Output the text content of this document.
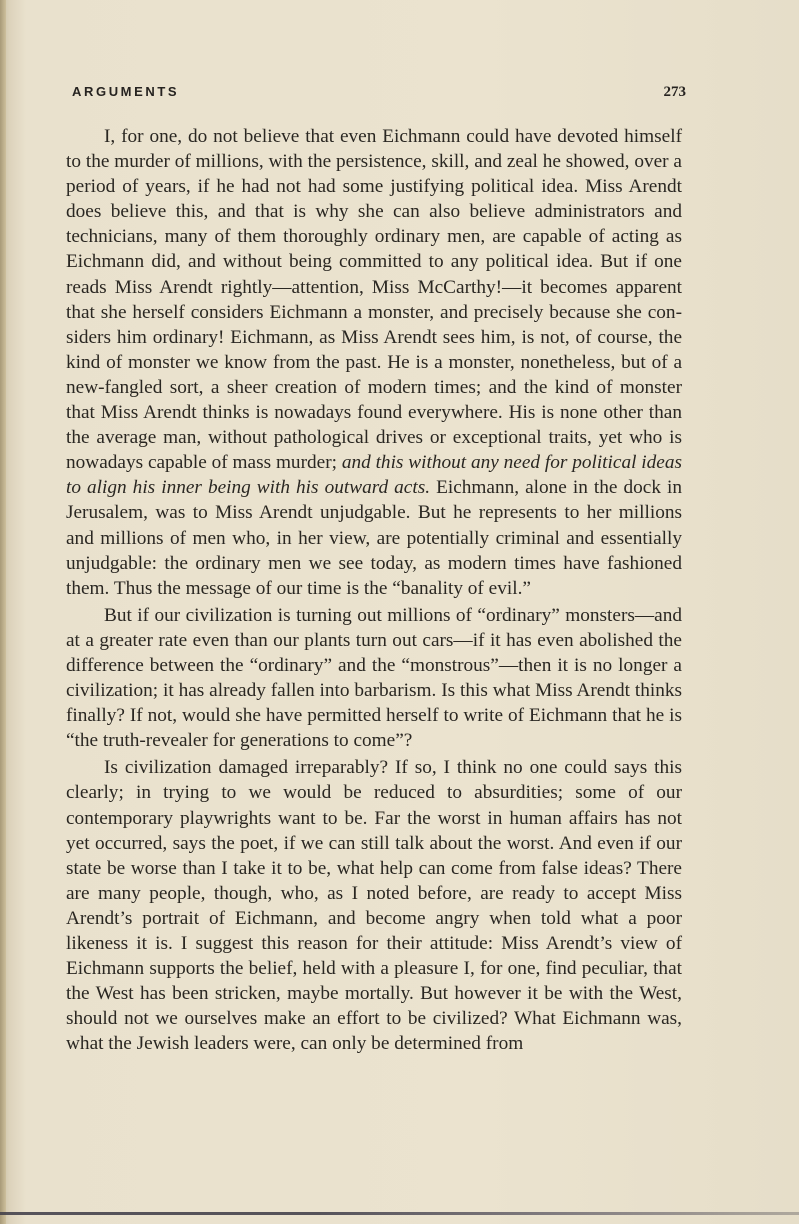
ARGUMENTS	273

I, for one, do not believe that even Eichmann could have devoted himself to the murder of millions, with the persistence, skill, and zeal he showed, over a period of years, if he had not had some justifying political idea. Miss Arendt does believe this, and that is why she can also believe administrators and technicians, many of them thoroughly ordinary men, are capable of acting as Eichmann did, and without being committed to any political idea. But if one reads Miss Arendt rightly—attention, Miss McCarthy!—it becomes apparent that she herself considers Eichmann a monster, and precisely because she considers him ordinary! Eichmann, as Miss Arendt sees him, is not, of course, the kind of monster we know from the past. He is a monster, nonetheless, but of a new-fangled sort, a sheer creation of modern times; and the kind of monster that Miss Arendt thinks is nowadays found everywhere. His is none other than the average man, without pathological drives or exceptional traits, yet who is nowadays capable of mass murder; and this without any need for political ideas to align his inner being with his outward acts. Eichmann, alone in the dock in Jerusalem, was to Miss Arendt unjudgable. But he represents to her millions and millions of men who, in her view, are potentially criminal and essentially unjudgable: the ordinary men we see today, as modern times have fashioned them. Thus the message of our time is the “banality of evil.”

But if our civilization is turning out millions of “ordinary” monsters—and at a greater rate even than our plants turn out cars—if it has even abolished the difference between the “ordinary” and the “monstrous”—then it is no longer a civilization; it has already fallen into barbarism. Is this what Miss Arendt thinks finally? If not, would she have permitted herself to write of Eichmann that he is “the truth-revealer for generations to come”?

Is civilization damaged irreparably? If so, I think no one could says this clearly; in trying to we would be reduced to absurdities; some of our contemporary playwrights want to be. Far the worst in human affairs has not yet occurred, says the poet, if we can still talk about the worst. And even if our state be worse than I take it to be, what help can come from false ideas? There are many people, though, who, as I noted before, are ready to accept Miss Arendt’s portrait of Eichmann, and become angry when told what a poor likeness it is. I suggest this reason for their attitude: Miss Arendt’s view of Eichmann supports the belief, held with a pleasure I, for one, find peculiar, that the West has been stricken, maybe mortally. But however it be with the West, should not we ourselves make an effort to be civilized? What Eichmann was, what the Jewish leaders were, can only be determined from
